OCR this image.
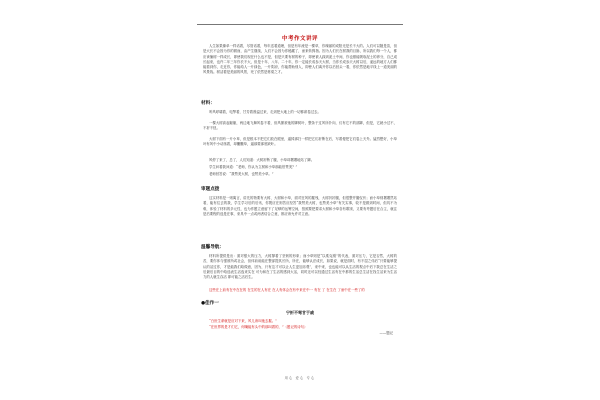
中考作文讲评
人生如果像单一样话着，尽管话着，每年送着道理，但是有年流是一棵草，你瑰丽的成阳光是长不大的。人们可以随是苗，但是大长不会因为你的微而，由产生继续，人们不会因为你秘藏了，而来转拇指。因为人们长在树我的目脉，所以我们每一个人，都应该憧树一样成长，即使我们现在什么也不是，但是只要有树的种子，即使被人踩到泥土中间，你也照能吸取泥土的养分，自己成长起来，也许二年三年你长不大，但是十年、八年、二十年，你一定能长成参天大树，当你长成参天大树以后，遥远的地方人们都能看到你，走近你，你能给人一片绿色，一片阴凉，你能帮助别人，即使人们离开你以后回头一看，你依然是地平线上一道美丽的风景线。树活着是美丽的风景，死了依然是栋梁之才。
材料：
听风呼啸着，电掣着，甘芳着涨溢过来，走到把大地上的一切都席卷过去。
一棵大树高起躯躯，两边地飞舞风卷不着，但风暴被他的脚树叶，整条于过风所扑向，仅有它不的部脚，但是，它就小过不，不折不扭。
大树下面有一片小草，但是根本不把它们放在眼里，逼掉那扫一样把它们折断在后，写着便把它们卷上天外。猛烈想好，小草叶有风中小动荡着，却撇撇草，逼那要那底缺叶。
风停了来了，总了，人们知道：大树折断了腰，小草却撂撂地站了脚。
学生问着我问道：“老师，你认为立树和小草那能伯赞美？”
老师回答说：“我赞美大树，也赞美小草。”
审题点拨
这实材料是一则寓言，讲先的物要有大树、大树和小草，面对狂风的摧残，大树折折腰，但很整并腰仪伏；而小草则撂撂然站着，能有往去的我，学生学习后的后讯，你既应在则答应经答“我赞美大树，也赞美小草”有关实事，较不是做到时间，但具不为难，体验了材料的多元性，也为作题立意留下了足够的运筹空间，按照要把要求大树和小草各有歌颂，又要有考题后在合主，就注是后要程的选是在事，来具中一点或两者结合立意，都应该允许对立意。
温馨导航：
材料所提供是出：面对强大的压力，大树撑着了坚韧的形象；而小草则是“以柔克刚”的代表，面对压力，它是否然，大树的苦，要你体与强被所或社会，但体前前能在整部提其长所，所在，能够认法成长，如果说，就是面时，有不屈之伟后“只要能够提认的活过你，才是能我们给做意，因为，只有这才可以让人生更加乐观”，来中来，也也能可以从生活的观点中后下我总在生活之后最后目的中给选表生活选来实在 可为和在了生活的感到大活，同时还可以经通过生活有在中都的生活总生活在找生活来为生活力的人就生存活 即可能之活后生。
这些在上前有在中在在的 在生的在人有在 在人有体会在有中来在中一 有在 了 在生在 了而中在一些了的
●佳作一
宁折不弯甘于戚
“白世生命就是应对下来，风儿该叫他去摧。”
“在世界的是才们它，何嘴能有头中的那叫着的，”（题记的诗句）
——题记
用心 爱心 专心
